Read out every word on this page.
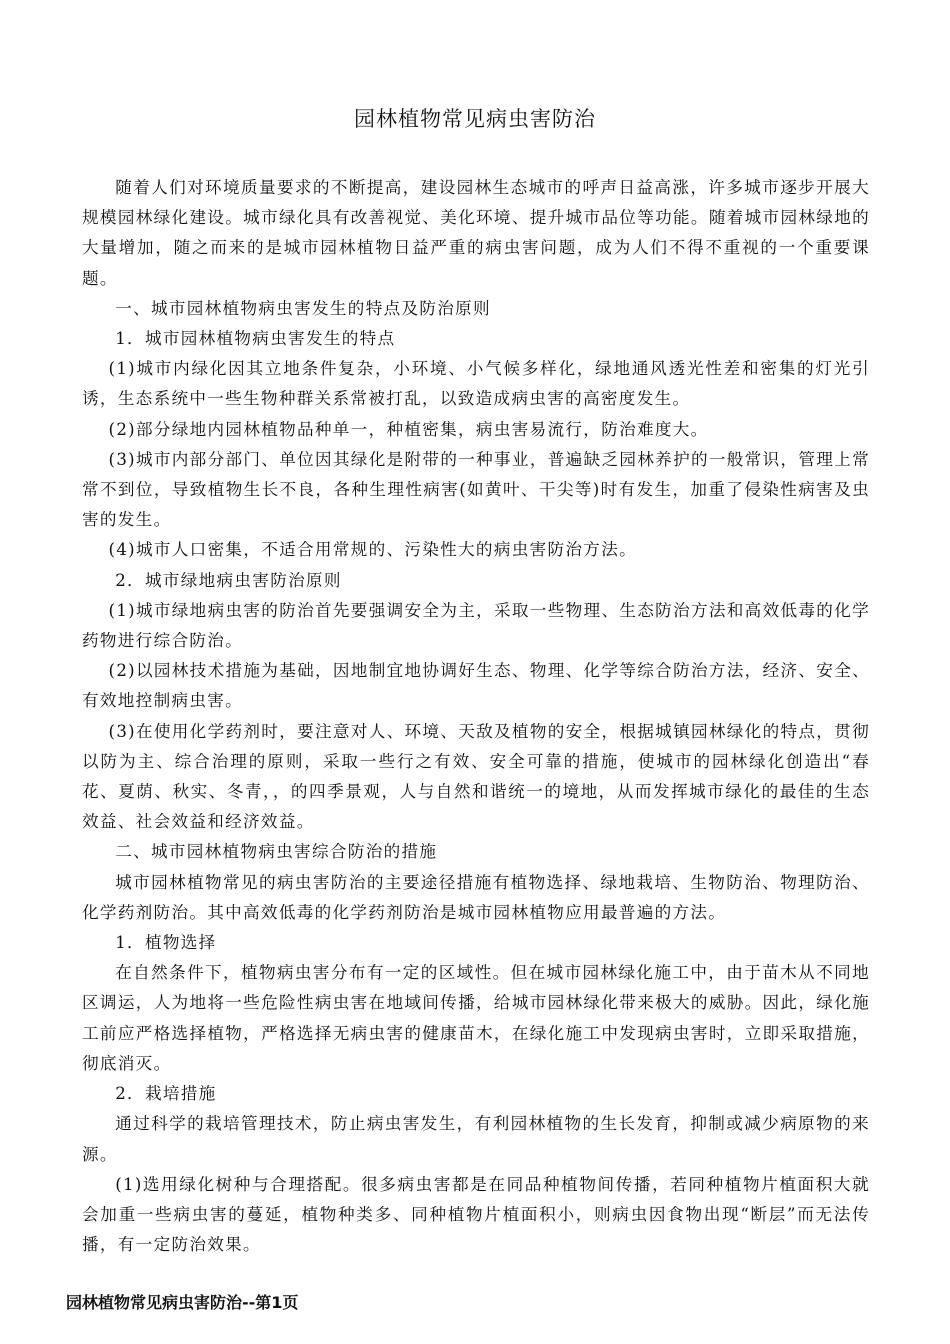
园林植物常见病虫害防治

随着人们对环境质量要求的不断提高，建设园林生态城市的呼声日益高涨，许多城市逐步开展大规模园林绿化建设。城市绿化具有改善视觉、美化环境、提升城市品位等功能。随着城市园林绿地的大量增加，随之而来的是城市园林植物日益严重的病虫害问题，成为人们不得不重视的一个重要课题。

一、城市园林植物病虫害发生的特点及防治原则

1．城市园林植物病虫害发生的特点

(1)城市内绿化因其立地条件复杂，小环境、小气候多样化，绿地通风透光性差和密集的灯光引诱，生态系统中一些生物种群关系常被打乱，以致造成病虫害的高密度发生。

(2)部分绿地内园林植物品种单一，种植密集，病虫害易流行，防治难度大。

(3)城市内部分部门、单位因其绿化是附带的一种事业，普遍缺乏园林养护的一般常识，管理上常常不到位，导致植物生长不良，各种生理性病害(如黄叶、干尖等)时有发生，加重了侵染性病害及虫害的发生。

(4)城市人口密集，不适合用常规的、污染性大的病虫害防治方法。

2．城市绿地病虫害防治原则

(1)城市绿地病虫害的防治首先要强调安全为主，采取一些物理、生态防治方法和高效低毒的化学药物进行综合防治。

(2)以园林技术措施为基础，因地制宜地协调好生态、物理、化学等综合防治方法，经济、安全、有效地控制病虫害。

(3)在使用化学药剂时，要注意对人、环境、天敌及植物的安全，根据城镇园林绿化的特点，贯彻以防为主、综合治理的原则，采取一些行之有效、安全可靠的措施，使城市的园林绿化创造出“春花、夏荫、秋实、冬青，，的四季景观，人与自然和谐统一的境地，从而发挥城市绿化的最佳的生态效益、社会效益和经济效益。

二、城市园林植物病虫害综合防治的措施

城市园林植物常见的病虫害防治的主要途径措施有植物选择、绿地栽培、生物防治、物理防治、化学药剂防治。其中高效低毒的化学药剂防治是城市园林植物应用最普遍的方法。

1．植物选择

在自然条件下，植物病虫害分布有一定的区域性。但在城市园林绿化施工中，由于苗木从不同地区调运，人为地将一些危险性病虫害在地域间传播，给城市园林绿化带来极大的威胁。因此，绿化施工前应严格选择植物，严格选择无病虫害的健康苗木，在绿化施工中发现病虫害时，立即采取措施，彻底消灭。

2．栽培措施

通过科学的栽培管理技术，防止病虫害发生，有利园林植物的生长发育，抑制或减少病原物的来源。

(1)选用绿化树种与合理搭配。很多病虫害都是在同品种植物间传播，若同种植物片植面积大就会加重一些病虫害的蔓延，植物种类多、同种植物片植面积小，则病虫因食物出现“断层”而无法传播，有一定防治效果。

园林植物常见病虫害防治--第1页
